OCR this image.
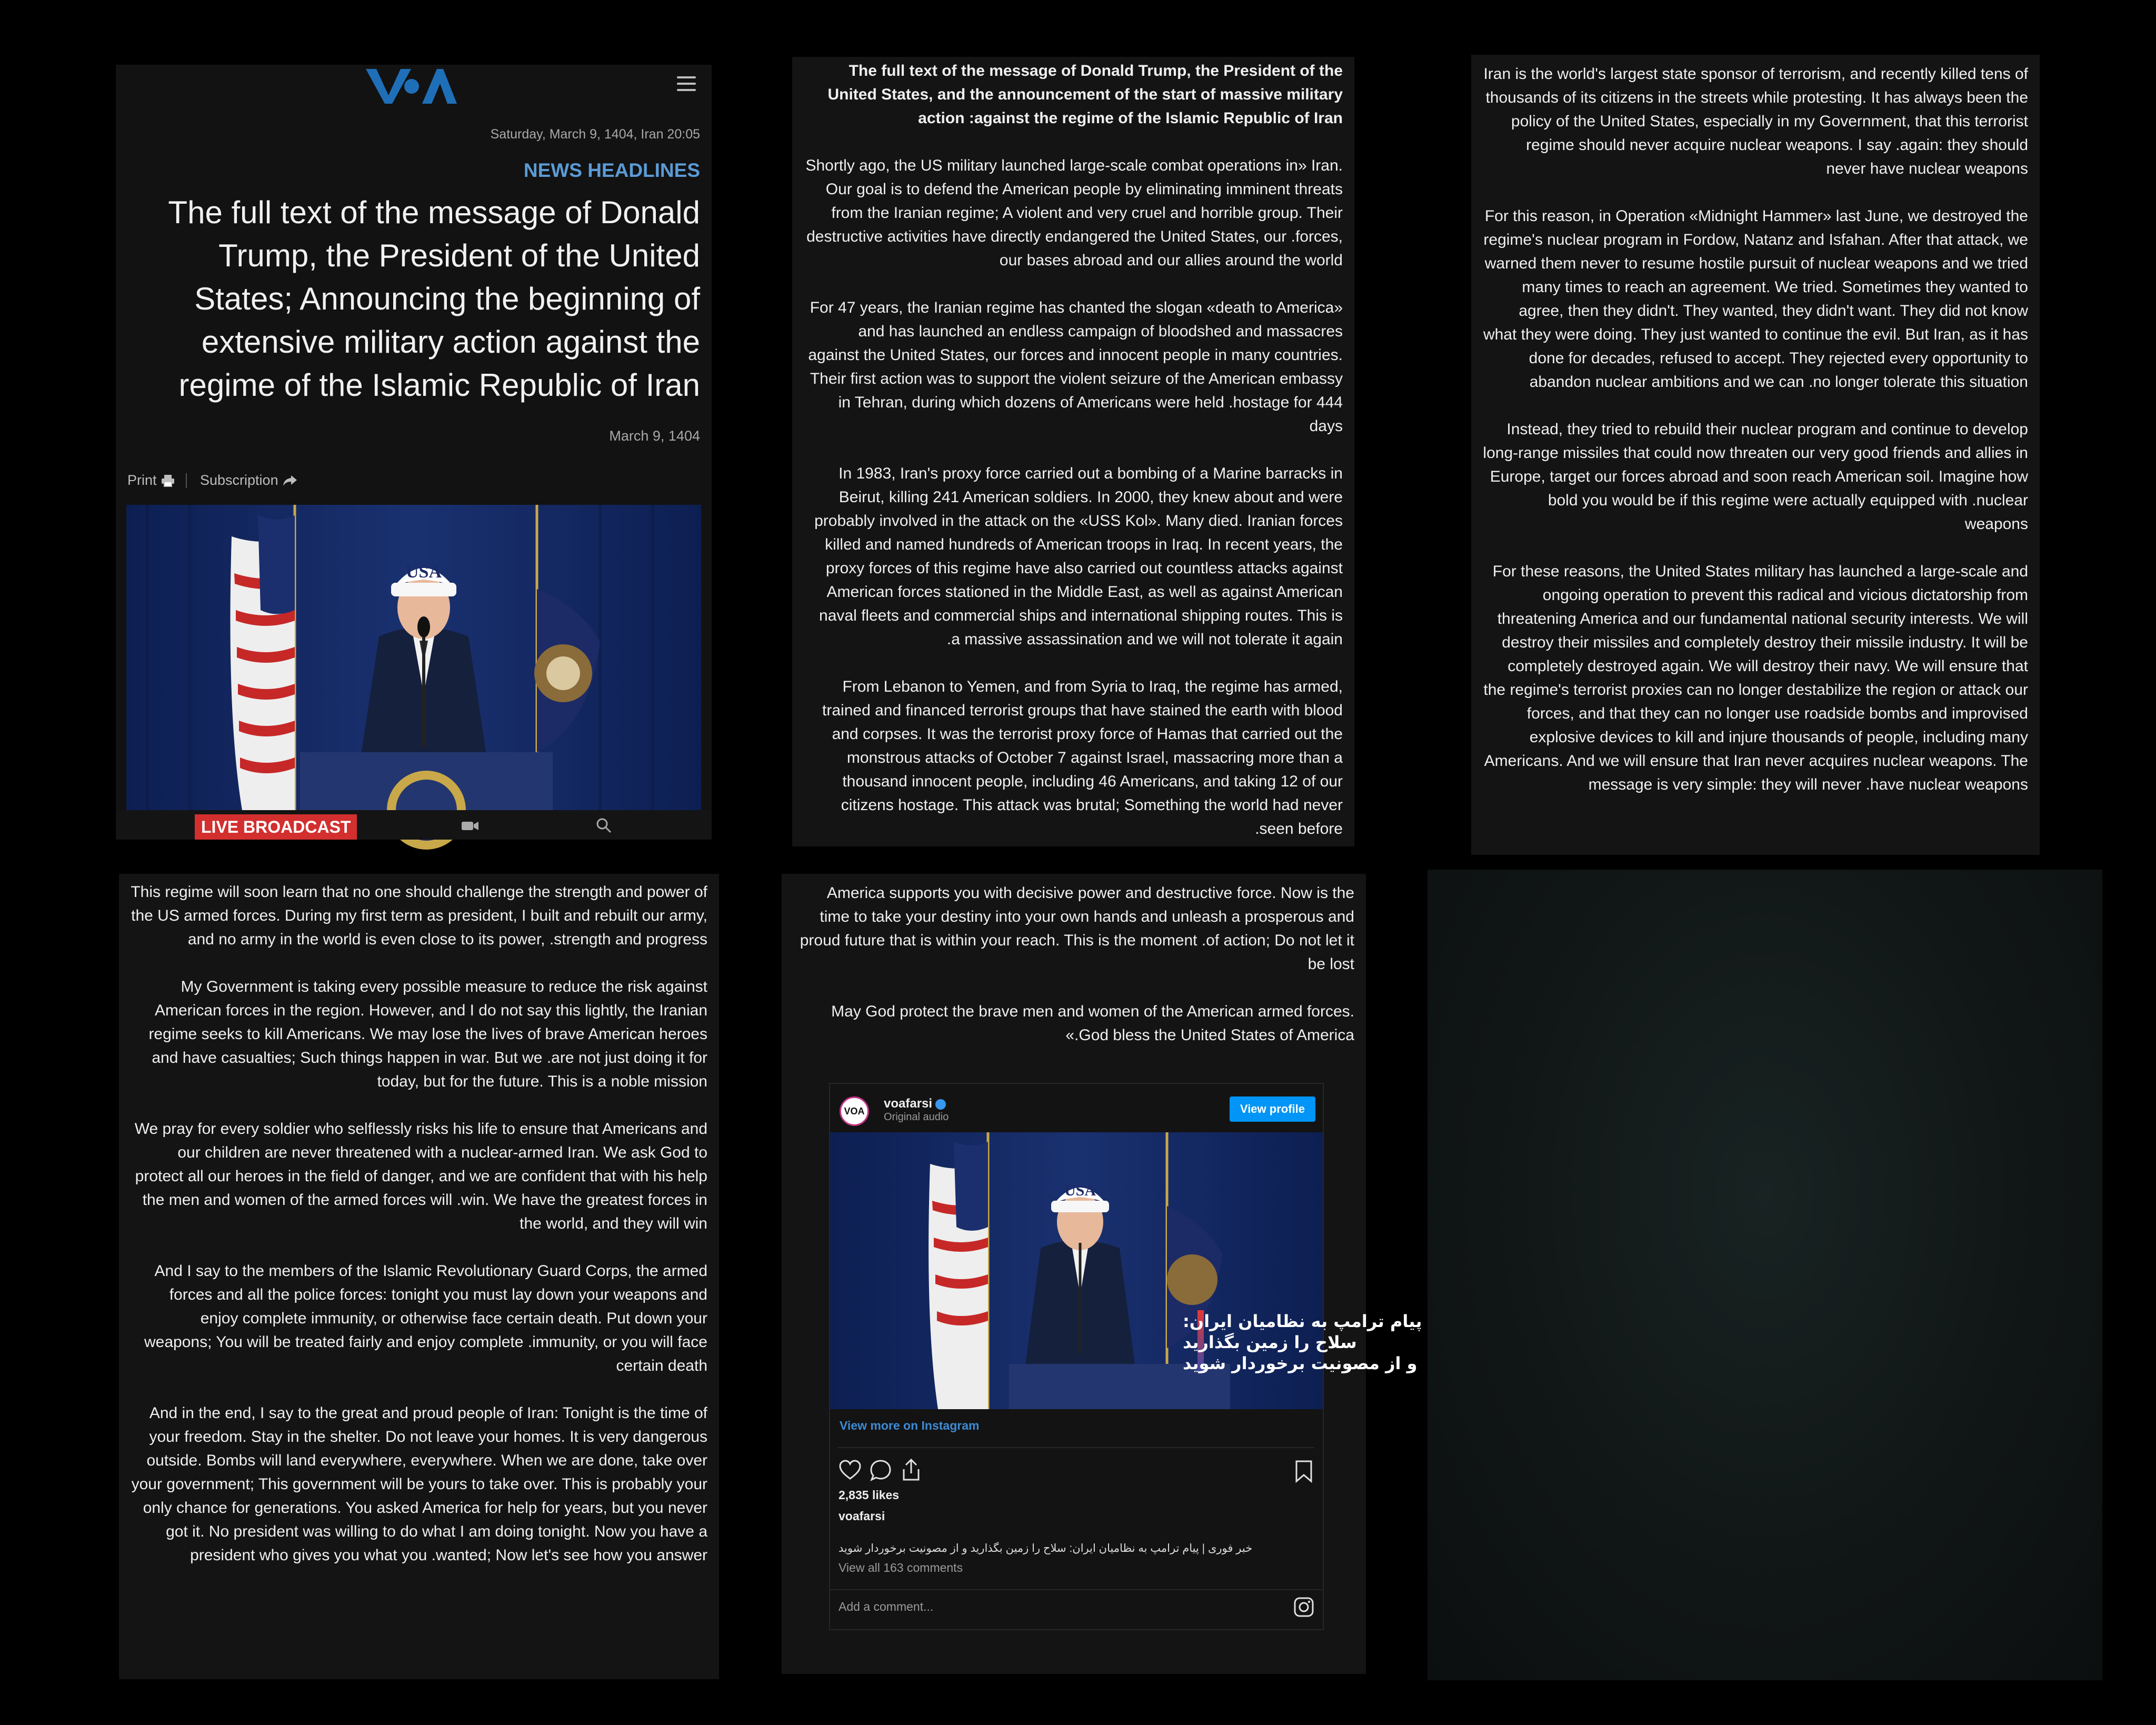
Saturday, March 9, 1404, Iran 20:05
NEWS HEADLINES
The full text of the message of Donald Trump, the President of the United States; Announcing the beginning of extensive military action against the regime of the Islamic Republic of Iran
March 9, 1404
Print	Subscription
USA
LIVE BROADCAST

The full text of the message of Donald Trump, the President of the United States, and the announcement of the start of massive military action :against the regime of the Islamic Republic of Iran

Shortly ago, the US military launched large-scale combat operations in» Iran. Our goal is to defend the American people by eliminating imminent threats from the Iranian regime; A violent and very cruel and horrible group. Their destructive activities have directly endangered the United States, our .forces, our bases abroad and our allies around the world

For 47 years, the Iranian regime has chanted the slogan «death to America» and has launched an endless campaign of bloodshed and massacres against the United States, our forces and innocent people in many countries. Their first action was to support the violent seizure of the American embassy in Tehran, during which dozens of Americans were held .hostage for 444 days

In 1983, Iran's proxy force carried out a bombing of a Marine barracks in Beirut, killing 241 American soldiers. In 2000, they knew about and were probably involved in the attack on the «USS Kol». Many died. Iranian forces killed and named hundreds of American troops in Iraq. In recent years, the proxy forces of this regime have also carried out countless attacks against American forces stationed in the Middle East, as well as against American naval fleets and commercial ships and international shipping routes. This is .a massive assassination and we will not tolerate it again

From Lebanon to Yemen, and from Syria to Iraq, the regime has armed, trained and financed terrorist groups that have stained the earth with blood and corpses. It was the terrorist proxy force of Hamas that carried out the monstrous attacks of October 7 against Israel, massacring more than a thousand innocent people, including 46 Americans, and taking 12 of our citizens hostage. This attack was brutal; Something the world had never .seen before

Iran is the world's largest state sponsor of terrorism, and recently killed tens of thousands of its citizens in the streets while protesting. It has always been the policy of the United States, especially in my Government, that this terrorist regime should never acquire nuclear weapons. I say .again: they should never have nuclear weapons

For this reason, in Operation «Midnight Hammer» last June, we destroyed the regime's nuclear program in Fordow, Natanz and Isfahan. After that attack, we warned them never to resume hostile pursuit of nuclear weapons and we tried many times to reach an agreement. We tried. Sometimes they wanted to agree, then they didn't. They wanted, they didn't want. They did not know what they were doing. They just wanted to continue the evil. But Iran, as it has done for decades, refused to accept. They rejected every opportunity to abandon nuclear ambitions and we can .no longer tolerate this situation

Instead, they tried to rebuild their nuclear program and continue to develop long-range missiles that could now threaten our very good friends and allies in Europe, target our forces abroad and soon reach American soil. Imagine how bold you would be if this regime were actually equipped with .nuclear weapons

For these reasons, the United States military has launched a large-scale and ongoing operation to prevent this radical and vicious dictatorship from threatening America and our fundamental national security interests. We will destroy their missiles and completely destroy their missile industry. It will be completely destroyed again. We will destroy their navy. We will ensure that the regime's terrorist proxies can no longer destabilize the region or attack our forces, and that they can no longer use roadside bombs and improvised explosive devices to kill and injure thousands of people, including many Americans. And we will ensure that Iran never acquires nuclear weapons. The message is very simple: they will never .have nuclear weapons

This regime will soon learn that no one should challenge the strength and power of the US armed forces. During my first term as president, I built and rebuilt our army, and no army in the world is even close to its power, .strength and progress

My Government is taking every possible measure to reduce the risk against American forces in the region. However, and I do not say this lightly, the Iranian regime seeks to kill Americans. We may lose the lives of brave American heroes and have casualties; Such things happen in war. But we .are not just doing it for today, but for the future. This is a noble mission

We pray for every soldier who selflessly risks his life to ensure that Americans and our children are never threatened with a nuclear-armed Iran. We ask God to protect all our heroes in the field of danger, and we are confident that with his help the men and women of the armed forces will .win. We have the greatest forces in the world, and they will win

And I say to the members of the Islamic Revolutionary Guard Corps, the armed forces and all the police forces: tonight you must lay down your weapons and enjoy complete immunity, or otherwise face certain death. Put down your weapons; You will be treated fairly and enjoy complete .immunity, or you will face certain death

And in the end, I say to the great and proud people of Iran: Tonight is the time of your freedom. Stay in the shelter. Do not leave your homes. It is very dangerous outside. Bombs will land everywhere, everywhere. When we are done, take over your government; This government will be yours to take over. This is probably your only chance for generations. You asked America for help for years, but you never got it. No president was willing to do what I am doing tonight. Now you have a president who gives you what you .wanted; Now let's see how you answer

America supports you with decisive power and destructive force. Now is the time to take your destiny into your own hands and unleash a prosperous and proud future that is within your reach. This is the moment .of action; Do not let it be lost

May God protect the brave men and women of the American armed forces. «.God bless the United States of America

VOA
voafarsi
Original audio
View profile
USA
پیام ترامپ به نظامیان ایران:
سلاح را زمین بگذارید
و از مصونیت برخوردار شوید
View more on Instagram
2,835 likes
voafarsi
خبر فوری | پیام ترامپ به نظامیان ایران: سلاح را زمین بگذارید و از مصونیت برخوردار شوید
View all 163 comments
Add a comment...
